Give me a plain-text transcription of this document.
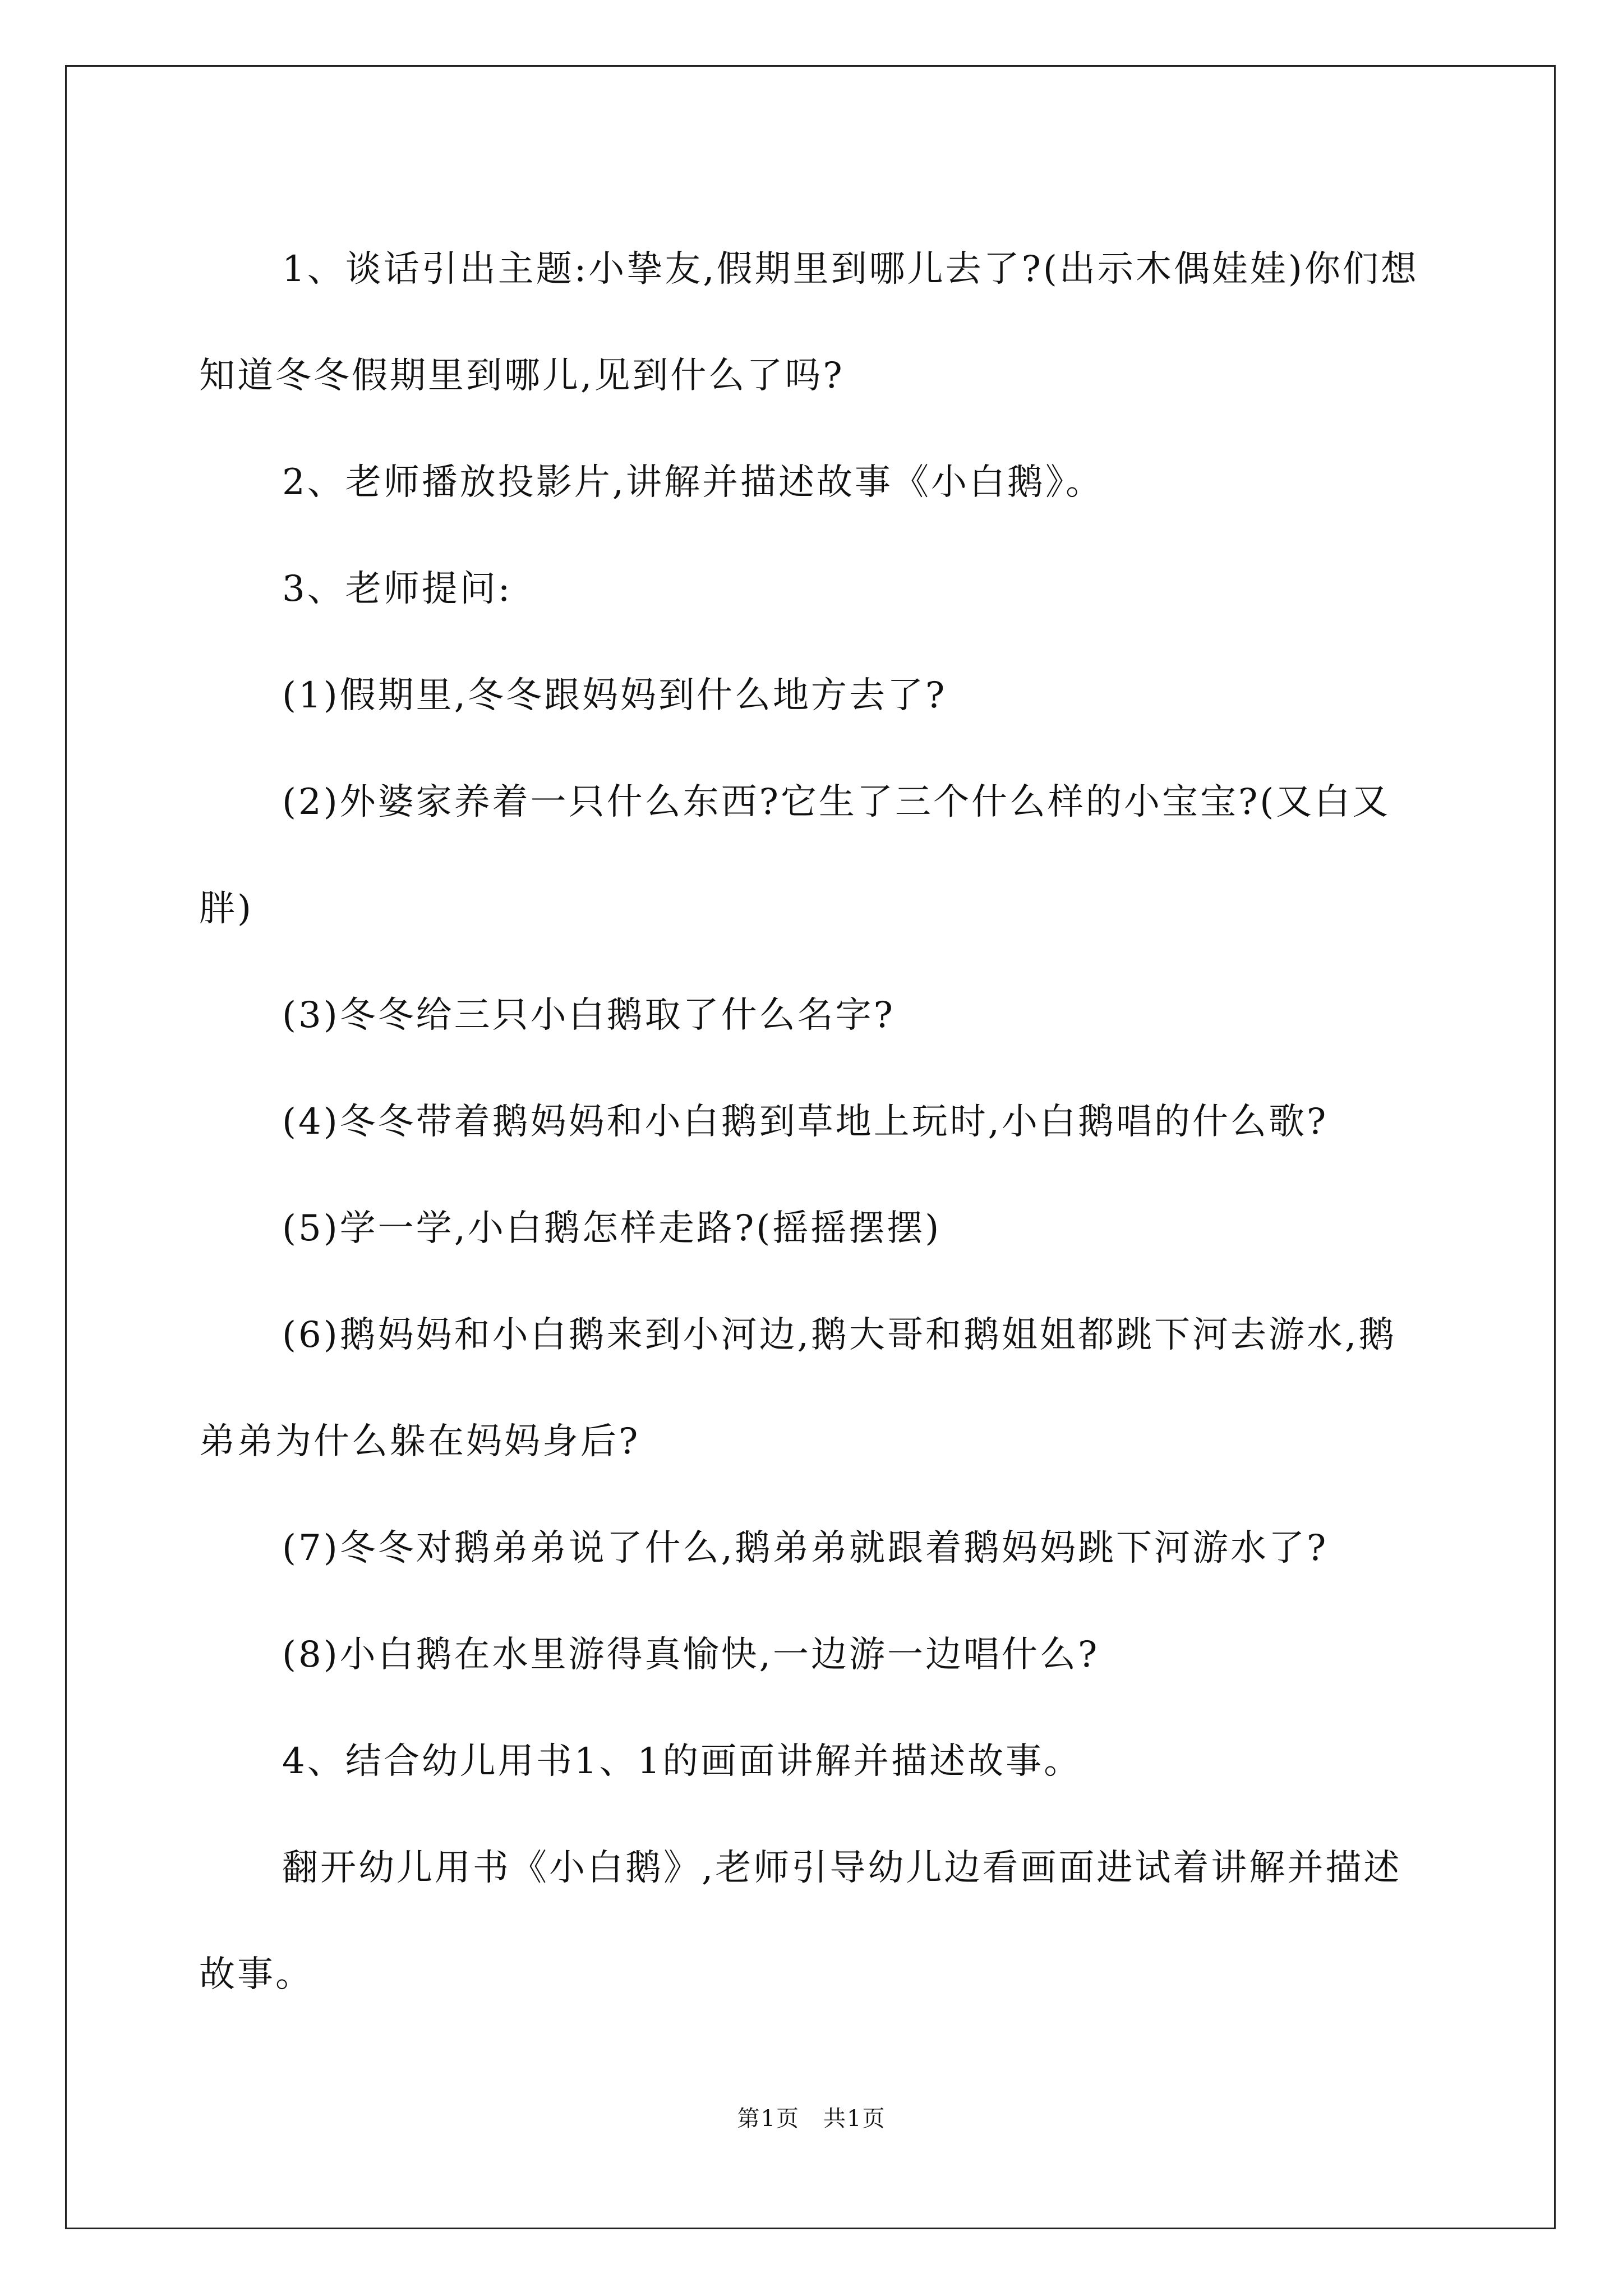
1、谈话引出主题:小挚友,假期里到哪儿去了?(出示木偶娃娃)你们想知道冬冬假期里到哪儿,见到什么了吗?

2、老师播放投影片,讲解并描述故事《小白鹅》。

3、老师提问:

(1)假期里,冬冬跟妈妈到什么地方去了?

(2)外婆家养着一只什么东西?它生了三个什么样的小宝宝?(又白又胖)

(3)冬冬给三只小白鹅取了什么名字?

(4)冬冬带着鹅妈妈和小白鹅到草地上玩时,小白鹅唱的什么歌?

(5)学一学,小白鹅怎样走路?(摇摇摆摆)

(6)鹅妈妈和小白鹅来到小河边,鹅大哥和鹅姐姐都跳下河去游水,鹅弟弟为什么躲在妈妈身后?

(7)冬冬对鹅弟弟说了什么,鹅弟弟就跟着鹅妈妈跳下河游水了?

(8)小白鹅在水里游得真愉快,一边游一边唱什么?

4、结合幼儿用书1、1的画面讲解并描述故事。

翻开幼儿用书《小白鹅》,老师引导幼儿边看画面进试着讲解并描述故事。

第1页　共1页
